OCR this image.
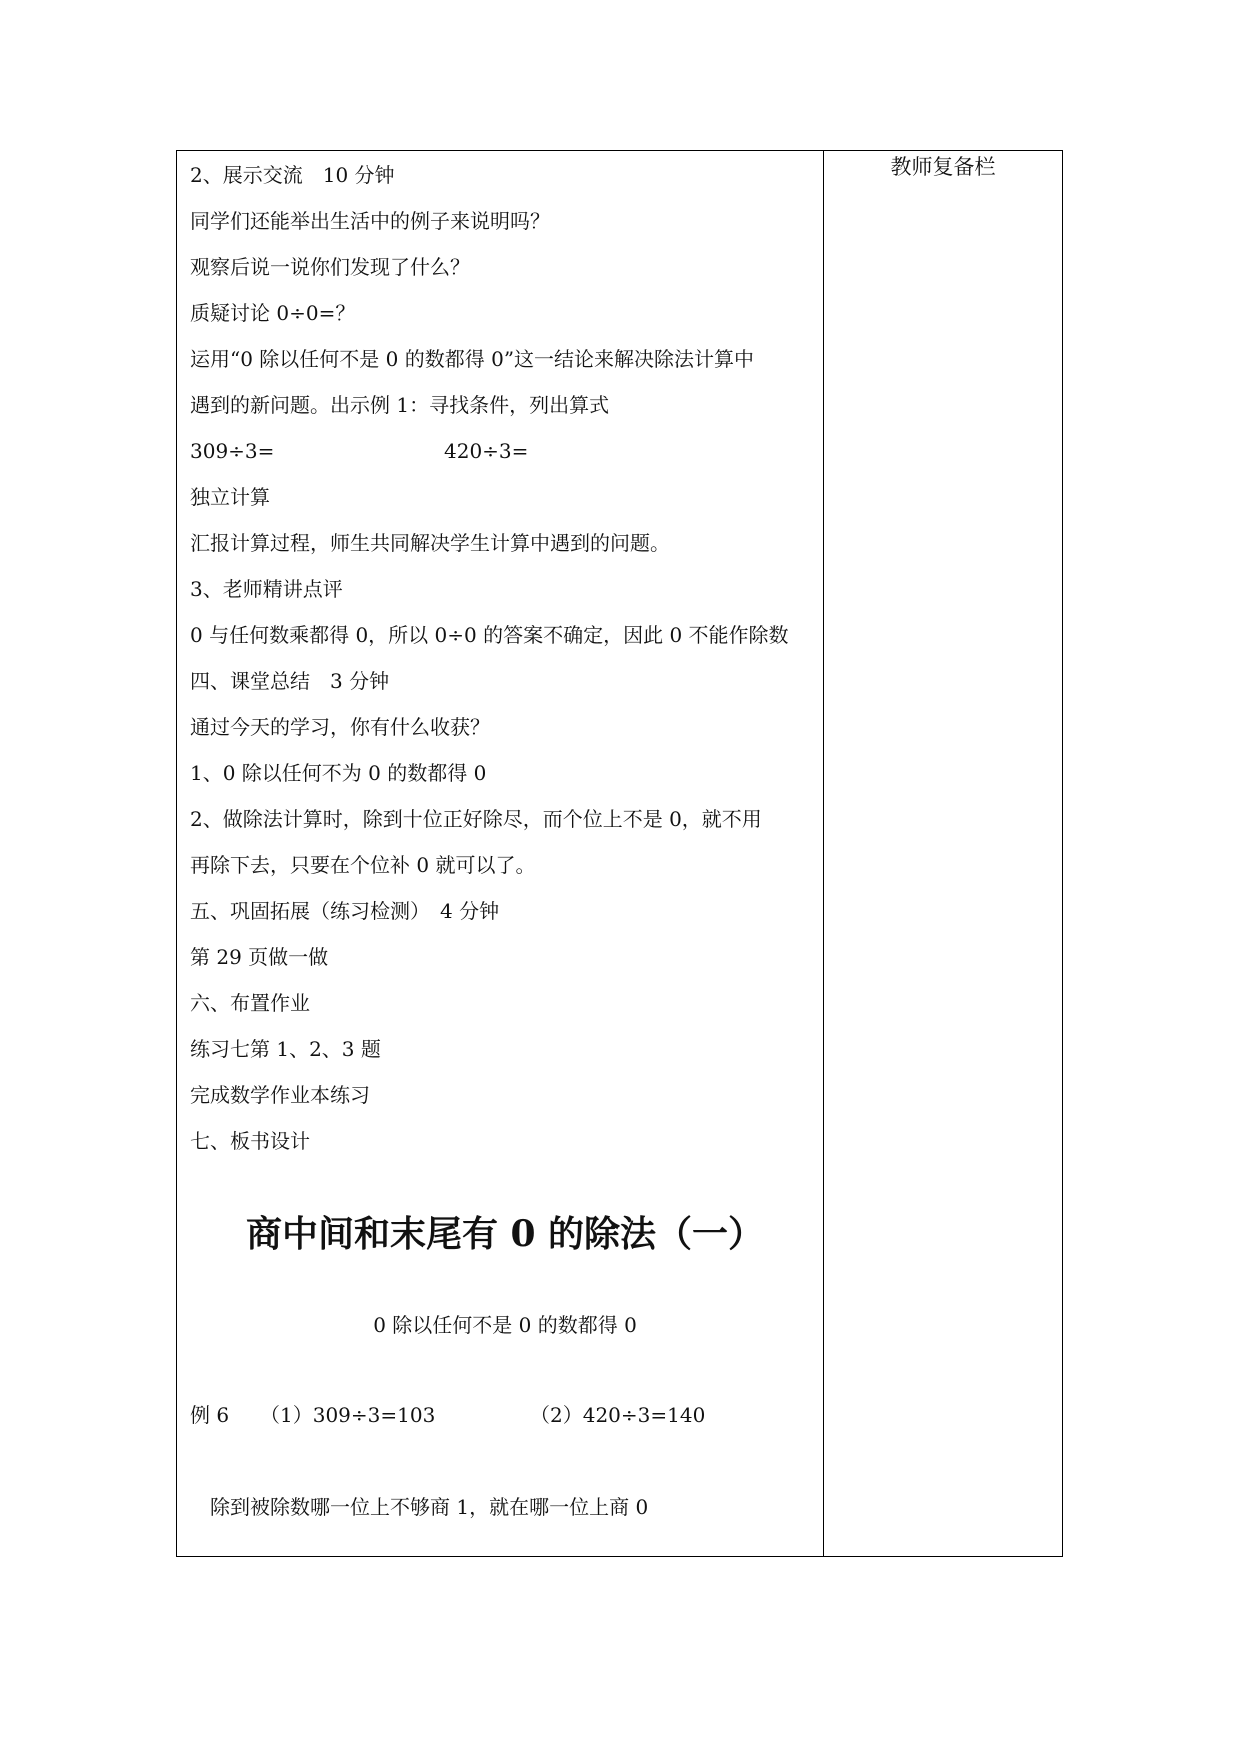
教师复备栏
2、展示交流　10 分钟
同学们还能举出生活中的例子来说明吗？
观察后说一说你们发现了什么？
质疑讨论 0÷0=？
运用“0 除以任何不是 0 的数都得 0”这一结论来解决除法计算中
遇到的新问题。出示例 1：寻找条件，列出算式
309÷3=	420÷3=
独立计算
汇报计算过程，师生共同解决学生计算中遇到的问题。
3、老师精讲点评
0 与任何数乘都得 0，所以 0÷0 的答案不确定，因此 0 不能作除数
四、课堂总结　3 分钟
通过今天的学习，你有什么收获？
1、0 除以任何不为 0 的数都得 0
2、做除法计算时，除到十位正好除尽，而个位上不是 0，就不用
再除下去，只要在个位补 0 就可以了。
五、巩固拓展（练习检测）　4 分钟
第 29 页做一做
六、布置作业
练习七第 1、2、3 题
完成数学作业本练习
七、板书设计
商中间和末尾有 0 的除法（一）
0 除以任何不是 0 的数都得 0
例 6 （1）309÷3=103	（2）420÷3=140
除到被除数哪一位上不够商 1，就在哪一位上商 0
